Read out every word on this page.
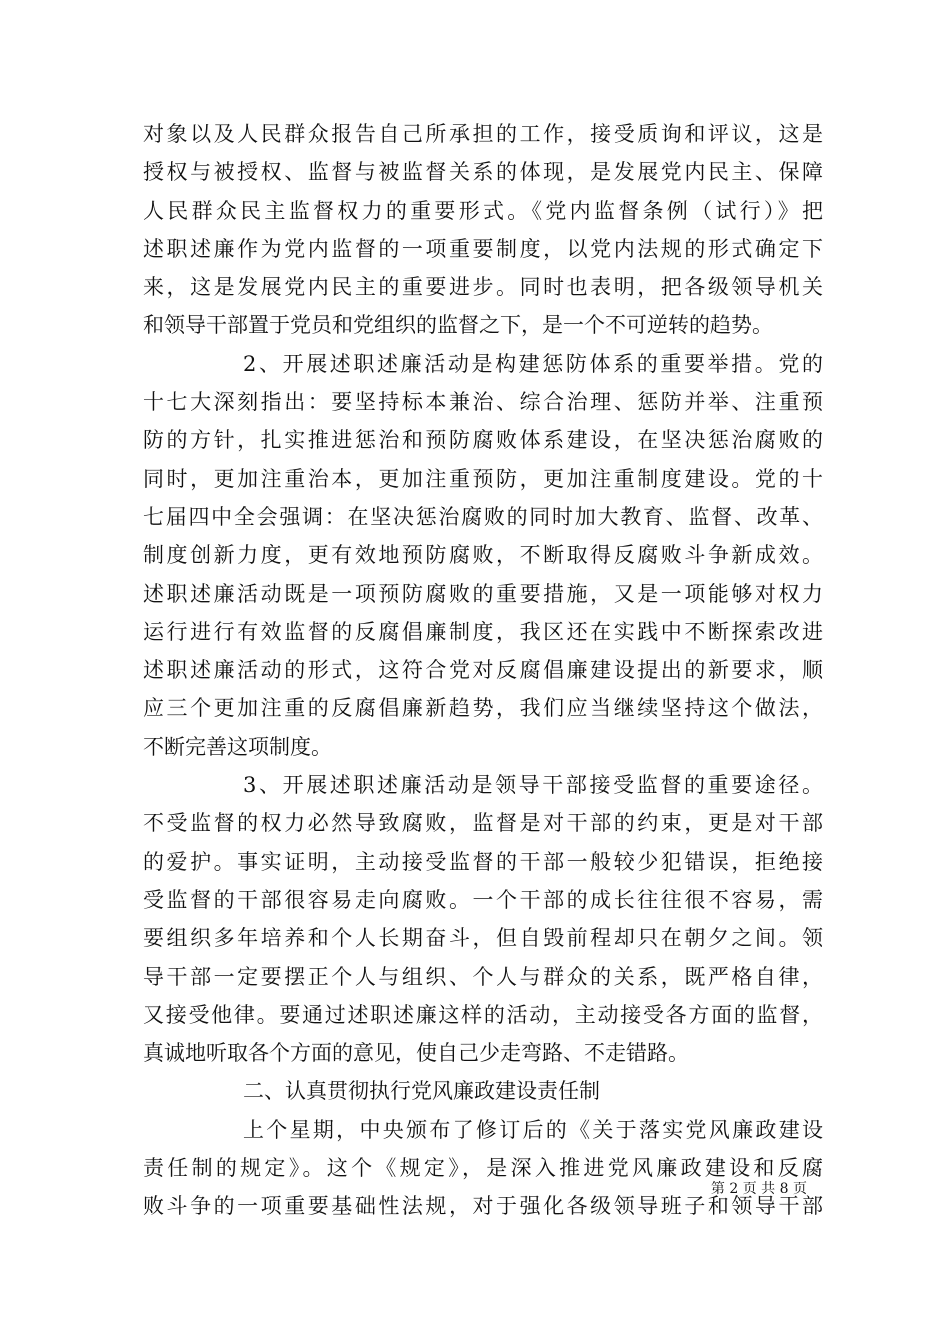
对象以及人民群众报告自己所承担的工作，接受质询和评议，这是
授权与被授权、监督与被监督关系的体现，是发展党内民主、保障
人民群众民主监督权力的重要形式。《党内监督条例（试行）》把
述职述廉作为党内监督的一项重要制度，以党内法规的形式确定下
来，这是发展党内民主的重要进步。同时也表明，把各级领导机关
和领导干部置于党员和党组织的监督之下，是一个不可逆转的趋势。
2、开展述职述廉活动是构建惩防体系的重要举措。党的
十七大深刻指出：要坚持标本兼治、综合治理、惩防并举、注重预
防的方针，扎实推进惩治和预防腐败体系建设，在坚决惩治腐败的
同时，更加注重治本，更加注重预防，更加注重制度建设。党的十
七届四中全会强调：在坚决惩治腐败的同时加大教育、监督、改革、
制度创新力度，更有效地预防腐败，不断取得反腐败斗争新成效。
述职述廉活动既是一项预防腐败的重要措施，又是一项能够对权力
运行进行有效监督的反腐倡廉制度，我区还在实践中不断探索改进
述职述廉活动的形式，这符合党对反腐倡廉建设提出的新要求，顺
应三个更加注重的反腐倡廉新趋势，我们应当继续坚持这个做法，
不断完善这项制度。
3、开展述职述廉活动是领导干部接受监督的重要途径。
不受监督的权力必然导致腐败，监督是对干部的约束，更是对干部
的爱护。事实证明，主动接受监督的干部一般较少犯错误，拒绝接
受监督的干部很容易走向腐败。一个干部的成长往往很不容易，需
要组织多年培养和个人长期奋斗，但自毁前程却只在朝夕之间。领
导干部一定要摆正个人与组织、个人与群众的关系，既严格自律，
又接受他律。要通过述职述廉这样的活动，主动接受各方面的监督，
真诚地听取各个方面的意见，使自己少走弯路、不走错路。
二、认真贯彻执行党风廉政建设责任制
上个星期，中央颁布了修订后的《关于落实党风廉政建设
责任制的规定》。这个《规定》，是深入推进党风廉政建设和反腐
败斗争的一项重要基础性法规，对于强化各级领导班子和领导干部
第 2 页 共 8 页
